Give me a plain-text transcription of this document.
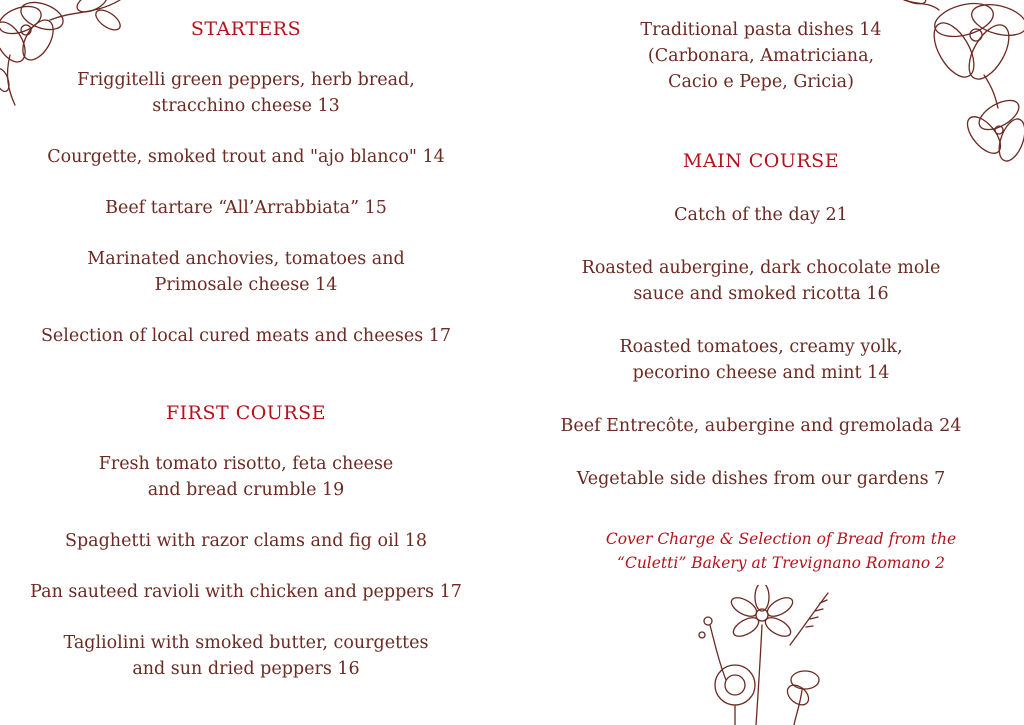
STARTERS
Friggitelli green peppers, herb bread,
stracchino cheese 13
Courgette, smoked trout and "ajo blanco" 14
Beef tartare “All’Arrabbiata” 15
Marinated anchovies, tomatoes and
Primosale cheese 14
Selection of local cured meats and cheeses 17
FIRST COURSE
Fresh tomato risotto, feta cheese
and bread crumble 19
Spaghetti with razor clams and fig oil 18
Pan sauteed ravioli with chicken and peppers 17
Tagliolini with smoked butter, courgettes
and sun dried peppers 16
Traditional pasta dishes 14
(Carbonara, Amatriciana,
Cacio e Pepe, Gricia)
MAIN COURSE
Catch of the day 21
Roasted aubergine, dark chocolate mole
sauce and smoked ricotta 16
Roasted tomatoes, creamy yolk,
pecorino cheese and mint 14
Beef Entrecôte, aubergine and gremolada 24
Vegetable side dishes from our gardens 7
Cover Charge & Selection of Bread from the
“Culetti” Bakery at Trevignano Romano 2
